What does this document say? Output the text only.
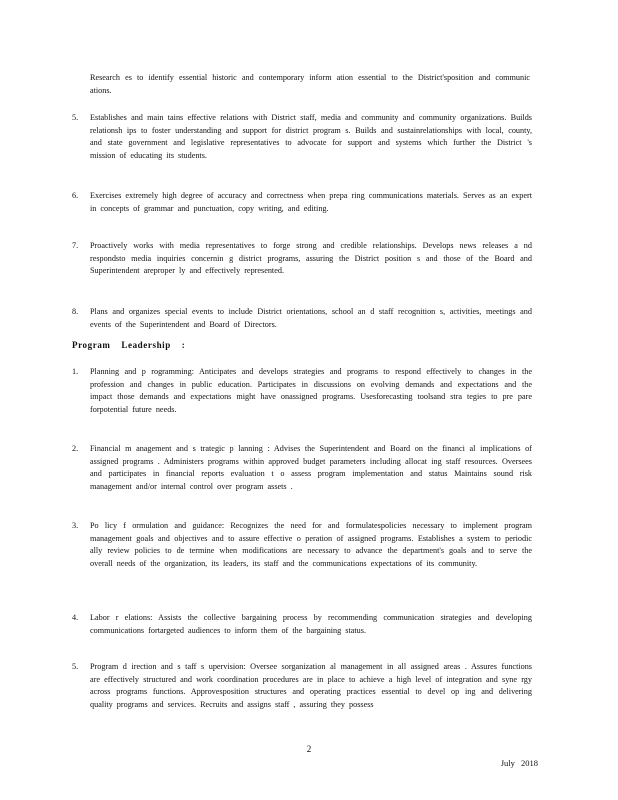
Research es to identify essential historic and contemporary inform ation essential to the District'sposition and communic ations.
5.	Establishes and main tains effective relations with District staff, media and community and community organizations. Builds relationsh ips to foster understanding and support for district program s. Builds and sustainrelationships with local, county, and state government and legislative representatives to advocate for support and systems which further the District 's mission of educating its students.
6.	Exercises extremely high degree of accuracy and correctness when prepa ring communications materials. Serves as an expert in concepts of grammar and punctuation, copy writing, and editing.
7.	Proactively works with media representatives to forge strong and credible relationships. Develops news releases a nd respondsto media inquiries concernin g district programs, assuring the District position s and those of the Board and Superintendent areproper ly and effectively represented.
8.	Plans and organizes special events to include District orientations, school an d staff recognition s, activities, meetings and events of the Superintendent and Board of Directors.
Program Leadership :
1.	Planning and p rogramming: Anticipates and develops strategies and programs to respond effectively to changes in the profession and changes in public education. Participates in discussions on evolving demands and expectations and the impact those demands and expectations might have onassigned programs. Usesforecasting toolsand stra tegies to pre pare forpotential future needs.
2.	Financial m anagement and s trategic p lanning : Advises the Superintendent and Board on the financi al implications of assigned programs . Administers programs within approved budget parameters including allocat ing staff resources. Oversees and participates in financial reports evaluation t o assess program implementation and status Maintains sound risk management and/or internal control over program assets .
3.	Po licy f ormulation and guidance: Recognizes the need for and formulatespolicies necessary to implement program management goals and objectives and to assure effective o peration of assigned programs. Establishes a system to periodic ally review policies to de termine when modifications are necessary to advance the department's goals and to serve the overall needs of the organization, its leaders, its staff and the communications expectations of its community.
4.	Labor r elations: Assists the collective bargaining process by recommending communication strategies and developing communications fortargeted audiences to inform them of the bargaining status.
5.	Program d irection and s taff s upervision: Oversee sorganization al management in all assigned areas . Assures functions are effectively structured and work coordination procedures are in place to achieve a high level of integration and syne rgy across programs functions. Approvesposition structures and operating practices essential to devel op ing and delivering quality programs and services. Recruits and assigns staff , assuring they possess
2
July 2018
